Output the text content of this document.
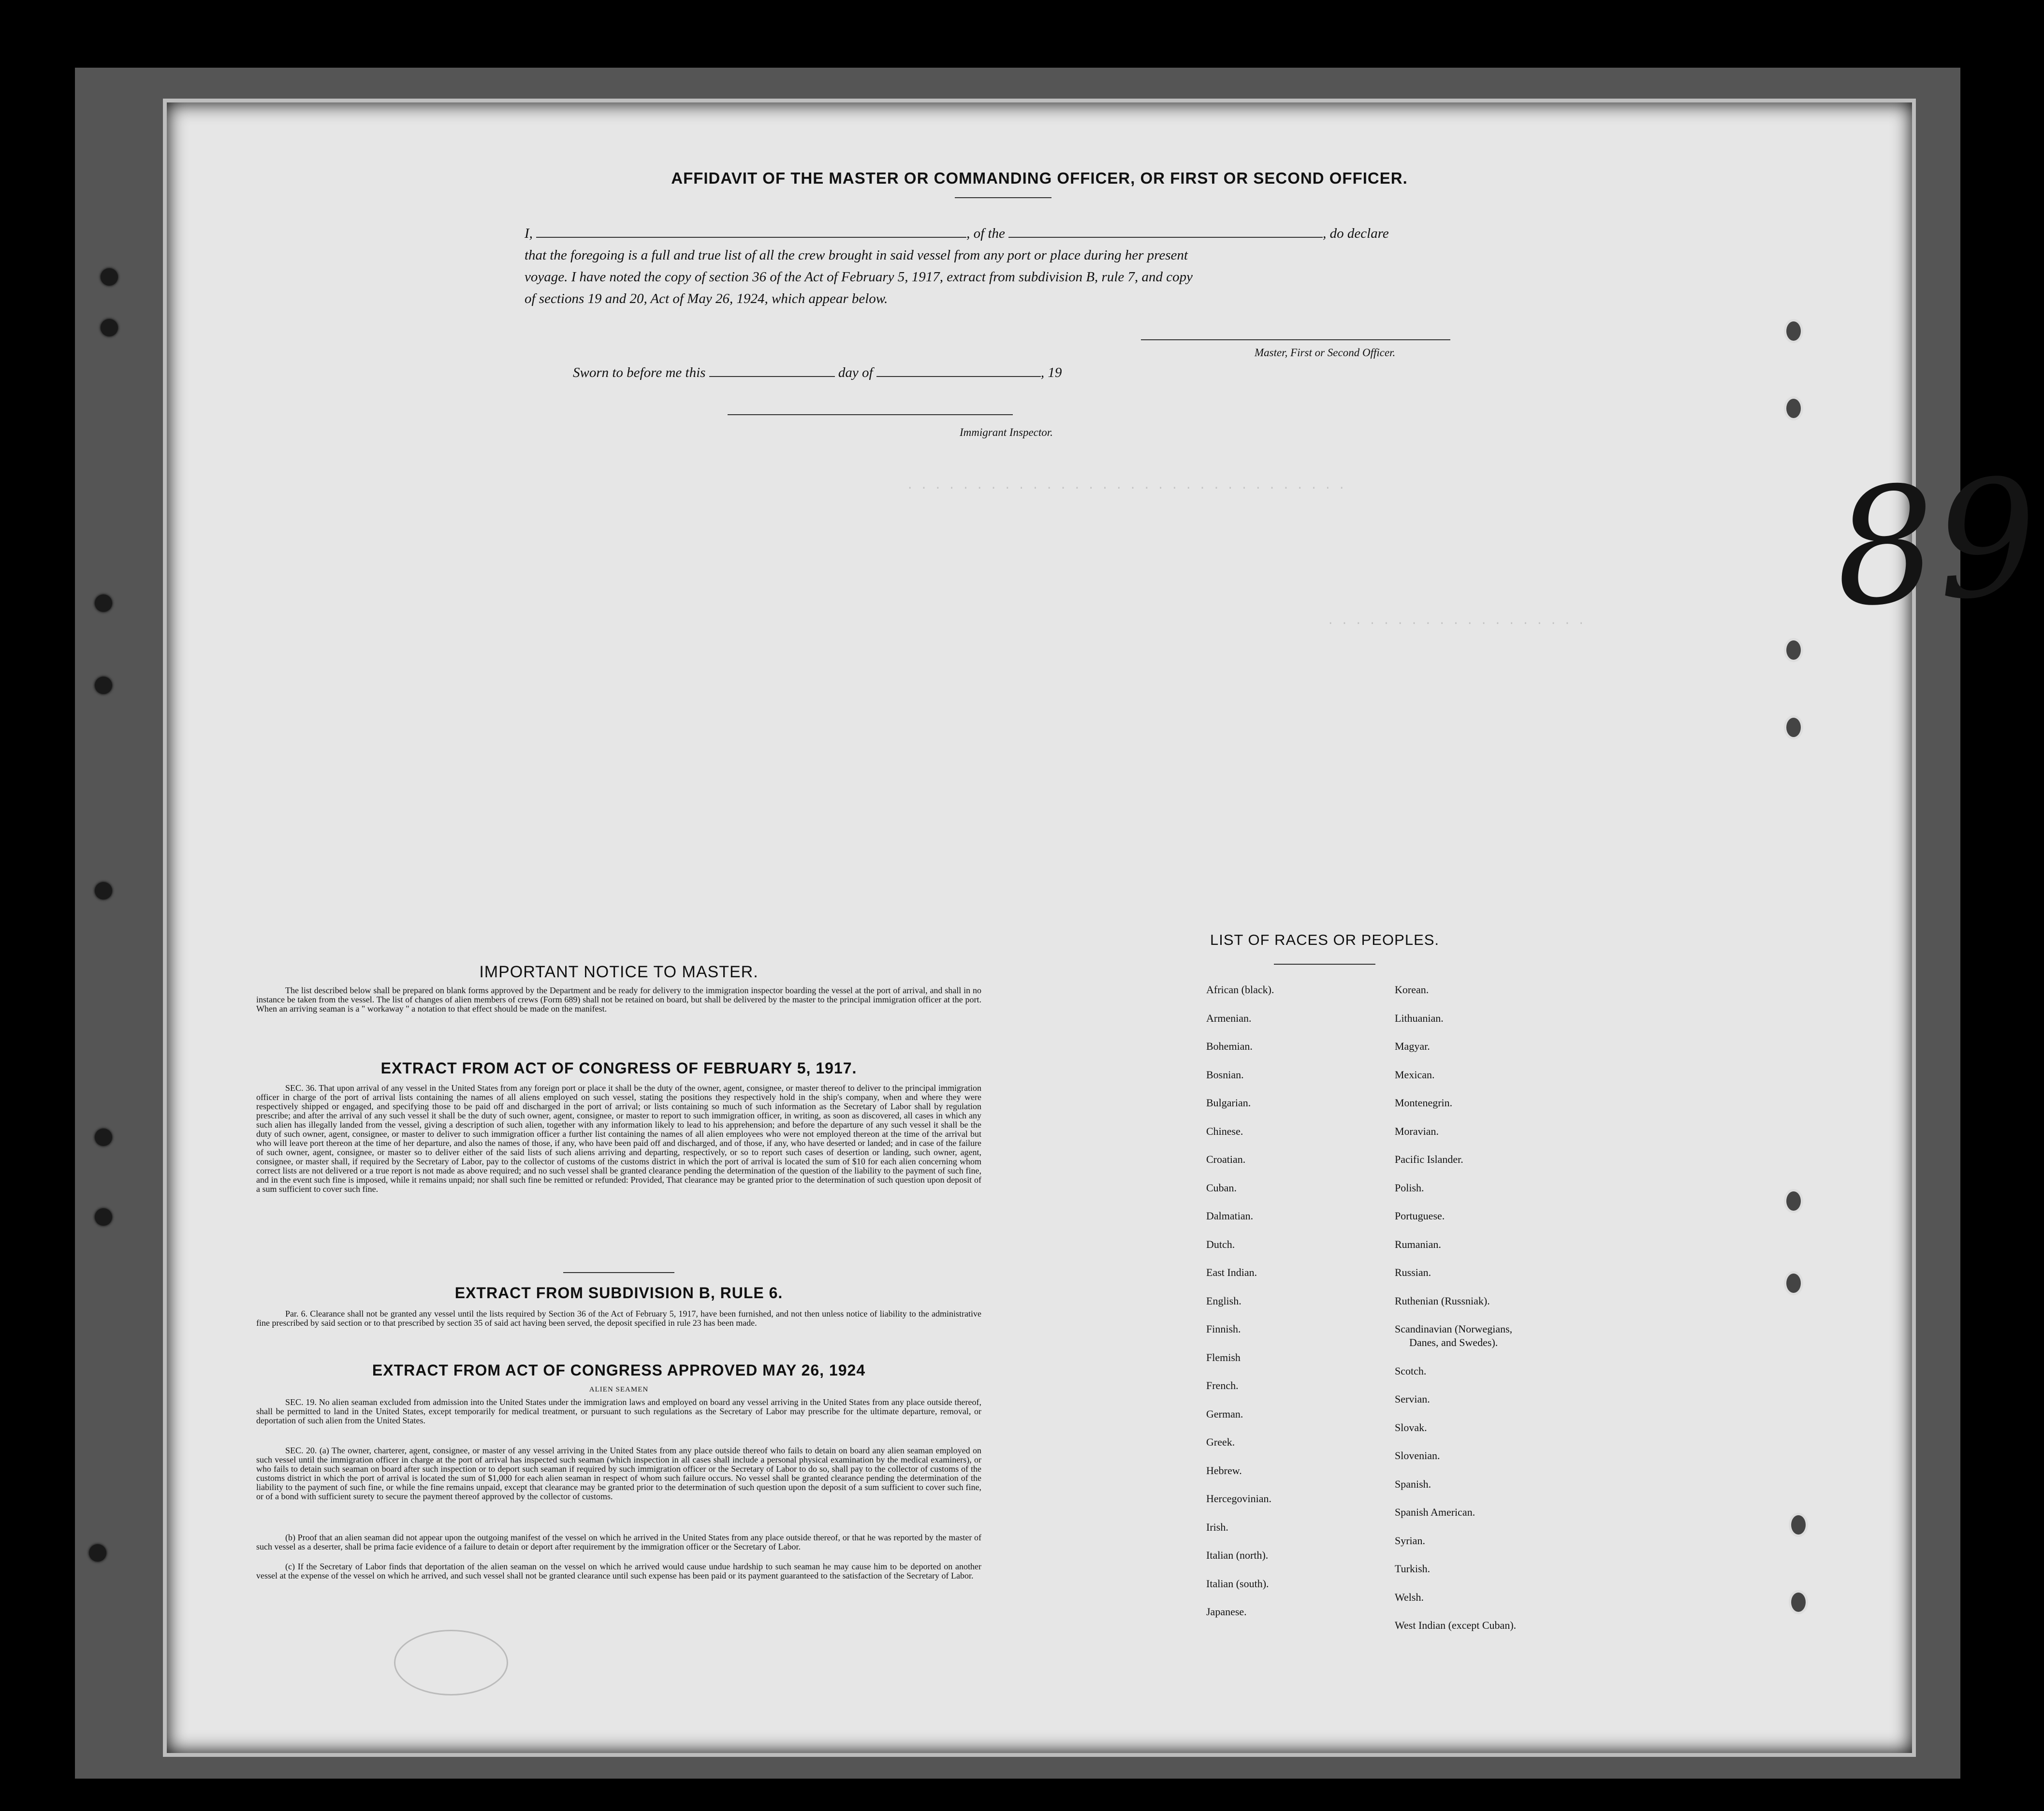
. . . . . . . . . . . . . . . . . . . . . . . . . . . . . . . .
. . . . . . . . . . . . . . . . . . .
AFFIDAVIT OF THE MASTER OR COMMANDING OFFICER, OR FIRST OR SECOND OFFICER.
I,	, of the	, do declare
that the foregoing is a full and true list of all the crew brought in said vessel from any port or place during her present
voyage. I have noted the copy of section 36 of the Act of February 5, 1917, extract from subdivision B, rule 7, and copy
of sections 19 and 20, Act of May 26, 1924, which appear below.
Master, First or Second Officer.
Sworn to before me this	day of	, 19
Immigrant Inspector.
IMPORTANT NOTICE TO MASTER.
The list described below shall be prepared on blank forms approved by the Department and be ready for delivery to the immigration inspector boarding the vessel at the port of arrival, and shall in no instance be taken from the vessel. The list of changes of alien members of crews (Form 689) shall not be retained on board, but shall be delivered by the master to the principal immigration officer at the port. When an arriving seaman is a " workaway " a notation to that effect should be made on the manifest.
EXTRACT FROM ACT OF CONGRESS OF FEBRUARY 5, 1917.
SEC. 36. That upon arrival of any vessel in the United States from any foreign port or place it shall be the duty of the owner, agent, consignee, or master thereof to deliver to the principal immigration officer in charge of the port of arrival lists containing the names of all aliens employed on such vessel, stating the positions they respectively hold in the ship's company, when and where they were respectively shipped or engaged, and specifying those to be paid off and discharged in the port of arrival; or lists containing so much of such information as the Secretary of Labor shall by regulation prescribe; and after the arrival of any such vessel it shall be the duty of such owner, agent, consignee, or master to report to such immigration officer, in writing, as soon as discovered, all cases in which any such alien has illegally landed from the vessel, giving a description of such alien, together with any information likely to lead to his apprehension; and before the departure of any such vessel it shall be the duty of such owner, agent, consignee, or master to deliver to such immigration officer a further list containing the names of all alien employees who were not employed thereon at the time of the arrival but who will leave port thereon at the time of her departure, and also the names of those, if any, who have been paid off and discharged, and of those, if any, who have deserted or landed; and in case of the failure of such owner, agent, consignee, or master so to deliver either of the said lists of such aliens arriving and departing, respectively, or so to report such cases of desertion or landing, such owner, agent, consignee, or master shall, if required by the Secretary of Labor, pay to the collector of customs of the customs district in which the port of arrival is located the sum of $10 for each alien concerning whom correct lists are not delivered or a true report is not made as above required; and no such vessel shall be granted clearance pending the determination of the question of the liability to the payment of such fine, and in the event such fine is imposed, while it remains unpaid; nor shall such fine be remitted or refunded: Provided, That clearance may be granted prior to the determination of such question upon deposit of a sum sufficient to cover such fine.
EXTRACT FROM SUBDIVISION B, RULE 6.
Par. 6. Clearance shall not be granted any vessel until the lists required by Section 36 of the Act of February 5, 1917, have been furnished, and not then unless notice of liability to the administrative fine prescribed by said section or to that prescribed by section 35 of said act having been served, the deposit specified in rule 23 has been made.
EXTRACT FROM ACT OF CONGRESS APPROVED MAY 26, 1924
ALIEN SEAMEN
SEC. 19. No alien seaman excluded from admission into the United States under the immigration laws and employed on board any vessel arriving in the United States from any place outside thereof, shall be permitted to land in the United States, except temporarily for medical treatment, or pursuant to such regulations as the Secretary of Labor may prescribe for the ultimate departure, removal, or deportation of such alien from the United States.
SEC. 20. (a) The owner, charterer, agent, consignee, or master of any vessel arriving in the United States from any place outside thereof who fails to detain on board any alien seaman employed on such vessel until the immigration officer in charge at the port of arrival has inspected such seaman (which inspection in all cases shall include a personal physical examination by the medical examiners), or who fails to detain such seaman on board after such inspection or to deport such seaman if required by such immigration officer or the Secretary of Labor to do so, shall pay to the collector of customs of the customs district in which the port of arrival is located the sum of $1,000 for each alien seaman in respect of whom such failure occurs. No vessel shall be granted clearance pending the determination of the liability to the payment of such fine, or while the fine remains unpaid, except that clearance may be granted prior to the determination of such question upon the deposit of a sum sufficient to cover such fine, or of a bond with sufficient surety to secure the payment thereof approved by the collector of customs.
(b) Proof that an alien seaman did not appear upon the outgoing manifest of the vessel on which he arrived in the United States from any place outside thereof, or that he was reported by the master of such vessel as a deserter, shall be prima facie evidence of a failure to detain or deport after requirement by the immigration officer or the Secretary of Labor.
(c) If the Secretary of Labor finds that deportation of the alien seaman on the vessel on which he arrived would cause undue hardship to such seaman he may cause him to be deported on another vessel at the expense of the vessel on which he arrived, and such vessel shall not be granted clearance until such expense has been paid or its payment guaranteed to the satisfaction of the Secretary of Labor.
LIST OF RACES OR PEOPLES.
African (black).
Armenian.
Bohemian.
Bosnian.
Bulgarian.
Chinese.
Croatian.
Cuban.
Dalmatian.
Dutch.
East Indian.
English.
Finnish.
Flemish
French.
German.
Greek.
Hebrew.
Hercegovinian.
Irish.
Italian (north).
Italian (south).
Japanese.
Korean.
Lithuanian.
Magyar.
Mexican.
Montenegrin.
Moravian.
Pacific Islander.
Polish.
Portuguese.
Rumanian.
Russian.
Ruthenian (Russniak).
Scandinavian (Norwegians,
Danes, and Swedes).
Scotch.
Servian.
Slovak.
Slovenian.
Spanish.
Spanish American.
Syrian.
Turkish.
Welsh.
West Indian (except Cuban).
89
